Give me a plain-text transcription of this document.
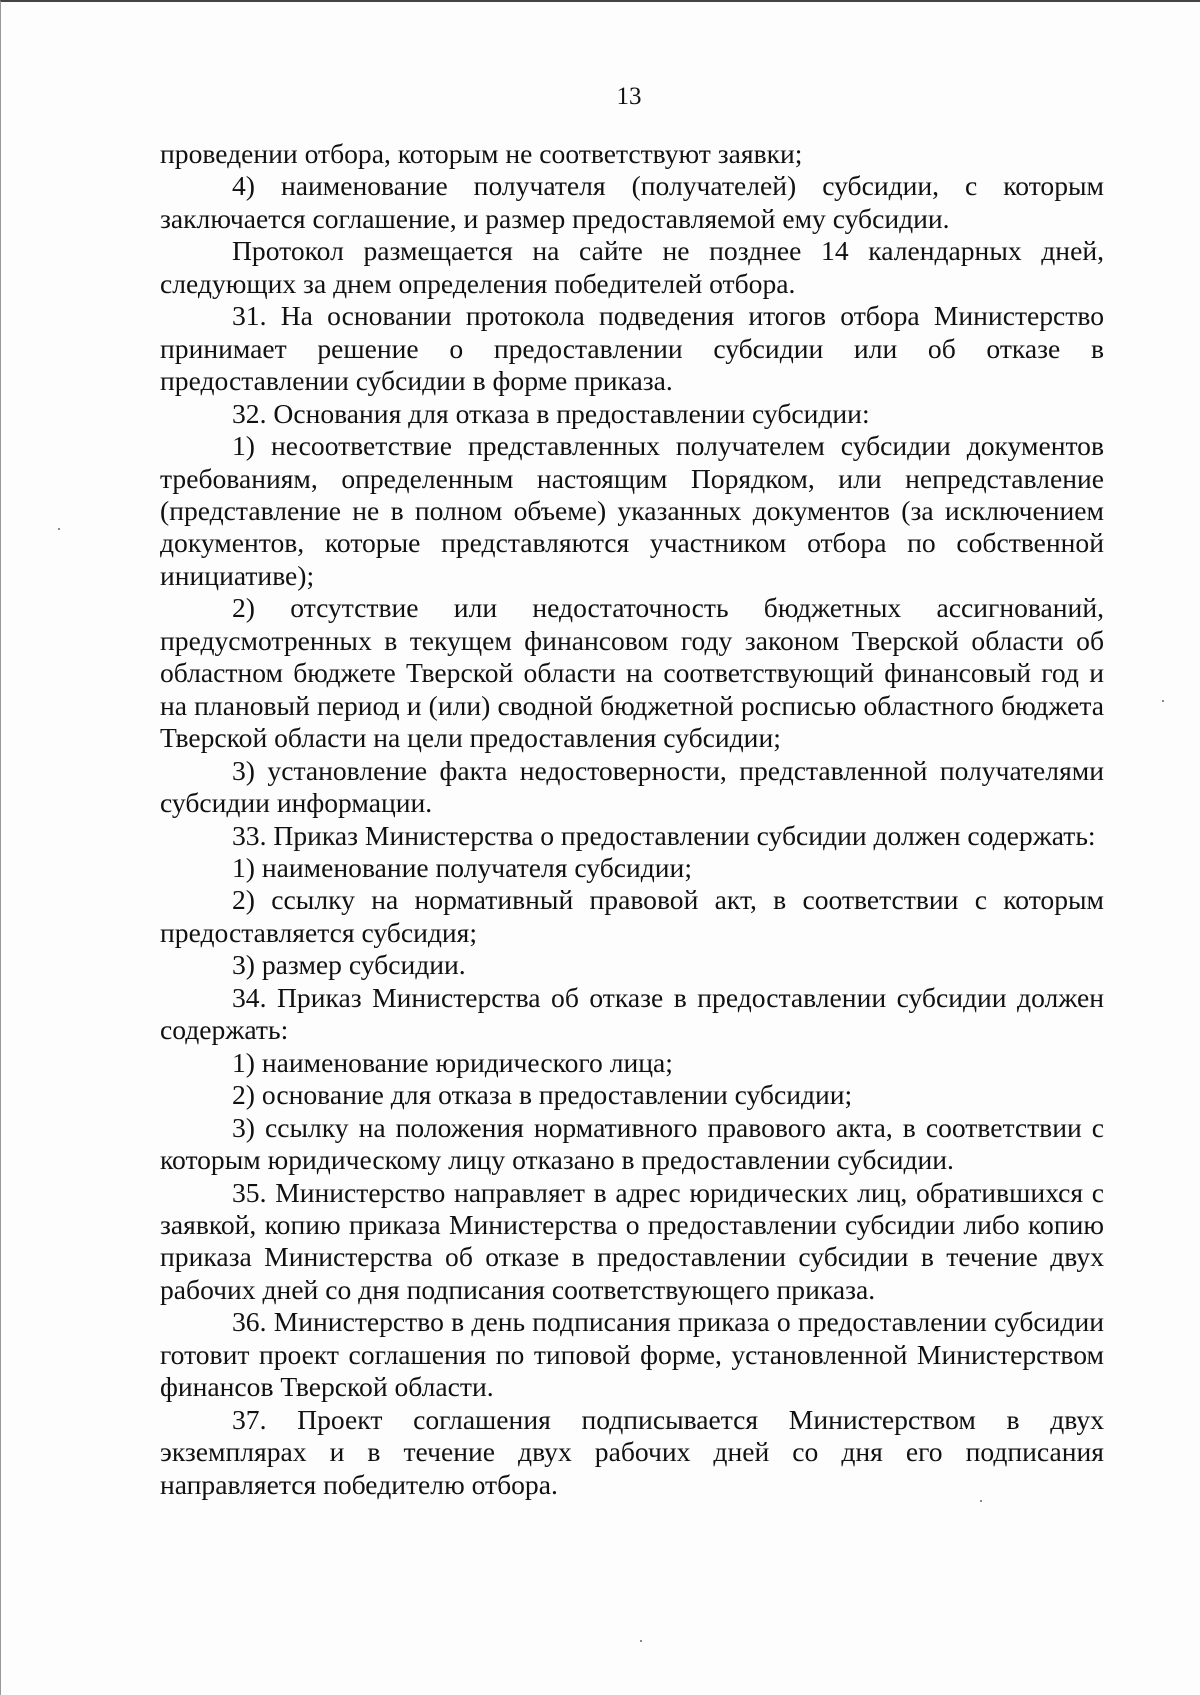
13

проведении отбора, которым не соответствуют заявки;

4) наименование получателя (получателей) субсидии, с которым заключается соглашение, и размер предоставляемой ему субсидии.

Протокол размещается на сайте не позднее 14 календарных дней, следующих за днем определения победителей отбора.

31. На основании протокола подведения итогов отбора Министерство принимает решение о предоставлении субсидии или об отказе в предоставлении субсидии в форме приказа.

32. Основания для отказа в предоставлении субсидии:

1) несоответствие представленных получателем субсидии документов требованиям, определенным настоящим Порядком, или непредставление (представление не в полном объеме) указанных документов (за исключением документов, которые представляются участником отбора по собственной инициативе);

2) отсутствие или недостаточность бюджетных ассигнований, предусмотренных в текущем финансовом году законом Тверской области об областном бюджете Тверской области на соответствующий финансовый год и на плановый период и (или) сводной бюджетной росписью областного бюджета Тверской области на цели предоставления субсидии;

3) установление факта недостоверности, представленной получателями субсидии информации.

33. Приказ Министерства о предоставлении субсидии должен содержать:

1) наименование получателя субсидии;

2) ссылку на нормативный правовой акт, в соответствии с которым предоставляется субсидия;

3) размер субсидии.

34. Приказ Министерства об отказе в предоставлении субсидии должен содержать:

1) наименование юридического лица;

2) основание для отказа в предоставлении субсидии;

3) ссылку на положения нормативного правового акта, в соответствии с которым юридическому лицу отказано в предоставлении субсидии.

35. Министерство направляет в адрес юридических лиц, обратившихся с заявкой, копию приказа Министерства о предоставлении субсидии либо копию приказа Министерства об отказе в предоставлении субсидии в течение двух рабочих дней со дня подписания соответствующего приказа.

36. Министерство в день подписания приказа о предоставлении субсидии готовит проект соглашения по типовой форме, установленной Министерством финансов Тверской области.

37. Проект соглашения подписывается Министерством в двух экземплярах и в течение двух рабочих дней со дня его подписания направляется победителю отбора.
